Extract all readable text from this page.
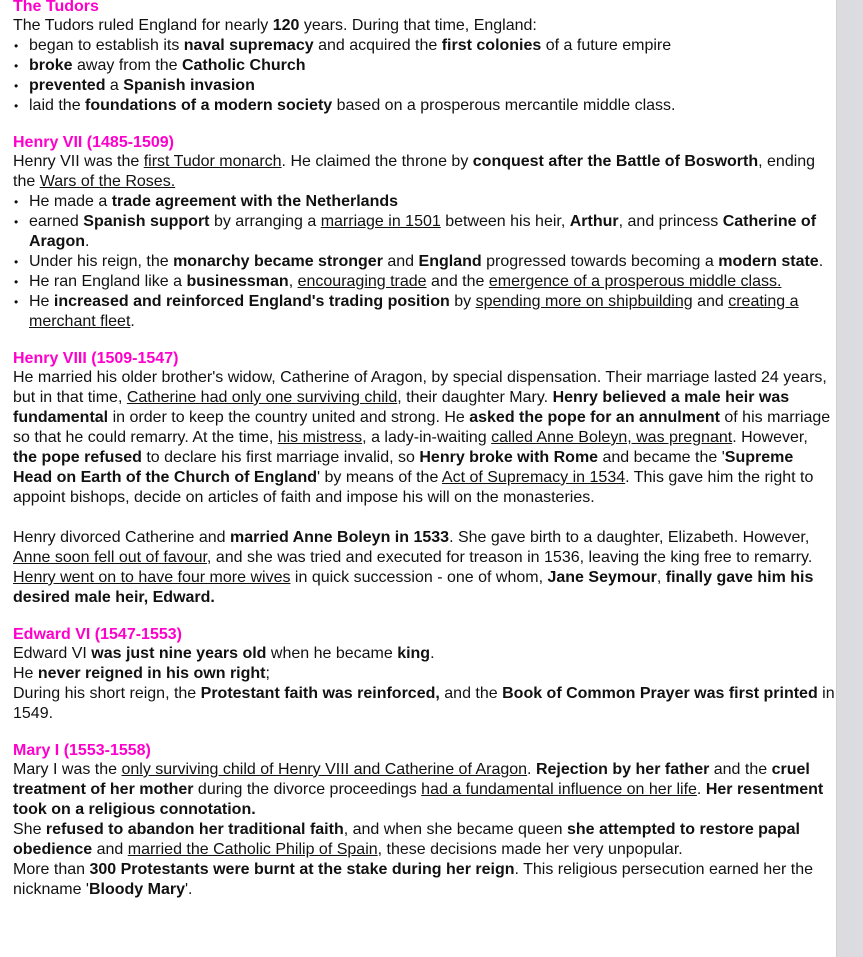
The Tudors

The Tudors ruled England for nearly 120 years. During that time, England:

• began to establish its naval supremacy and acquired the first colonies of a future empire
• broke away from the Catholic Church
• prevented a Spanish invasion
• laid the foundations of a modern society based on a prosperous mercantile middle class.
Henry VII (1485-1509)

Henry VII was the first Tudor monarch. He claimed the throne by conquest after the Battle of Bosworth, ending the Wars of the Roses.

• He made a trade agreement with the Netherlands
• earned Spanish support by arranging a marriage in 1501 between his heir, Arthur, and princess Catherine of Aragon.
• Under his reign, the monarchy became stronger and England progressed towards becoming a modern state.
• He ran England like a businessman, encouraging trade and the emergence of a prosperous middle class.
• He increased and reinforced England's trading position by spending more on shipbuilding and creating a merchant fleet.
Henry VIII (1509-1547)

He married his older brother's widow, Catherine of Aragon, by special dispensation. Their marriage lasted 24 years, but in that time, Catherine had only one surviving child, their daughter Mary. Henry believed a male heir was fundamental in order to keep the country united and strong. He asked the pope for an annulment of his marriage so that he could remarry. At the time, his mistress, a lady-in-waiting called Anne Boleyn, was pregnant. However, the pope refused to declare his first marriage invalid, so Henry broke with Rome and became the 'Supreme Head on Earth of the Church of England' by means of the Act of Supremacy in 1534. This gave him the right to appoint bishops, decide on articles of faith and impose his will on the monasteries.

Henry divorced Catherine and married Anne Boleyn in 1533. She gave birth to a daughter, Elizabeth. However, Anne soon fell out of favour, and she was tried and executed for treason in 1536, leaving the king free to remarry. Henry went on to have four more wives in quick succession - one of whom, Jane Seymour, finally gave him his desired male heir, Edward.

Edward VI (1547-1553)

Edward VI was just nine years old when he became king.

He never reigned in his own right;

During his short reign, the Protestant faith was reinforced, and the Book of Common Prayer was first printed in 1549.

Mary I (1553-1558)

Mary I was the only surviving child of Henry VIII and Catherine of Aragon. Rejection by her father and the cruel treatment of her mother during the divorce proceedings had a fundamental influence on her life. Her resentment took on a religious connotation.

She refused to abandon her traditional faith, and when she became queen she attempted to restore papal obedience and married the Catholic Philip of Spain, these decisions made her very unpopular.

More than 300 Protestants were burnt at the stake during her reign. This religious persecution earned her the nickname 'Bloody Mary'.
